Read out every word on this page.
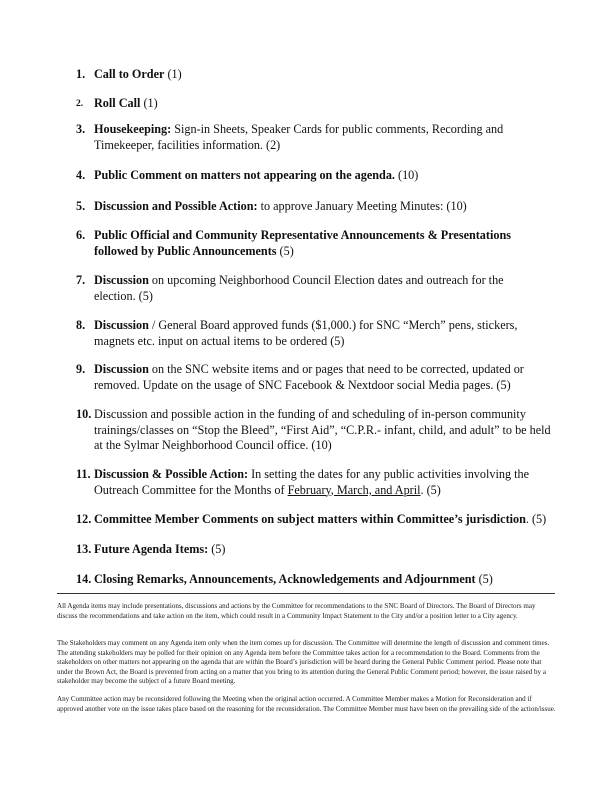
1. Call to Order (1)
2. Roll Call (1)
3. Housekeeping: Sign-in Sheets, Speaker Cards for public comments, Recording and Timekeeper, facilities information. (2)
4. Public Comment on matters not appearing on the agenda. (10)
5. Discussion and Possible Action: to approve January Meeting Minutes: (10)
6. Public Official and Community Representative Announcements & Presentations followed by Public Announcements (5)
7. Discussion on upcoming Neighborhood Council Election dates and outreach for the election. (5)
8. Discussion / General Board approved funds ($1,000.) for SNC “Merch” pens, stickers, magnets etc. input on actual items to be ordered (5)
9. Discussion on the SNC website items and or pages that need to be corrected, updated or removed. Update on the usage of SNC Facebook & Nextdoor social Media pages. (5)
10. Discussion and possible action in the funding of and scheduling of in-person community trainings/classes on “Stop the Bleed”, “First Aid”, “C.P.R.- infant, child, and adult” to be held at the Sylmar Neighborhood Council office. (10)
11. Discussion & Possible Action: In setting the dates for any public activities involving the Outreach Committee for the Months of February, March, and April. (5)
12. Committee Member Comments on subject matters within Committee’s jurisdiction. (5)
13. Future Agenda Items: (5)
14. Closing Remarks, Announcements, Acknowledgements and Adjournment (5)
All Agenda items may include presentations, discussions and actions by the Committee for recommendations to the SNC Board of Directors. The Board of Directors may discuss the recommendations and take action on the item, which could result in a Community Impact Statement to the City and/or a position letter to a City agency.
The Stakeholders may comment on any Agenda item only when the item comes up for discussion. The Committee will determine the length of discussion and comment times. The attending stakeholders may be polled for their opinion on any Agenda item before the Committee takes action for a recommendation to the Board. Comments from the stakeholders on other matters not appearing on the agenda that are within the Board’s jurisdiction will be heard during the General Public Comment period. Please note that under the Brown Act, the Board is prevented from acting on a matter that you bring to its attention during the General Public Comment period; however, the issue raised by a stakeholder may become the subject of a future Board meeting.
Any Committee action may be reconsidered following the Meeting when the original action occurred. A Committee Member makes a Motion for Reconsideration and if approved another vote on the issue takes place based on the reasoning for the reconsideration. The Committee Member must have been on the prevailing side of the action/issue.
